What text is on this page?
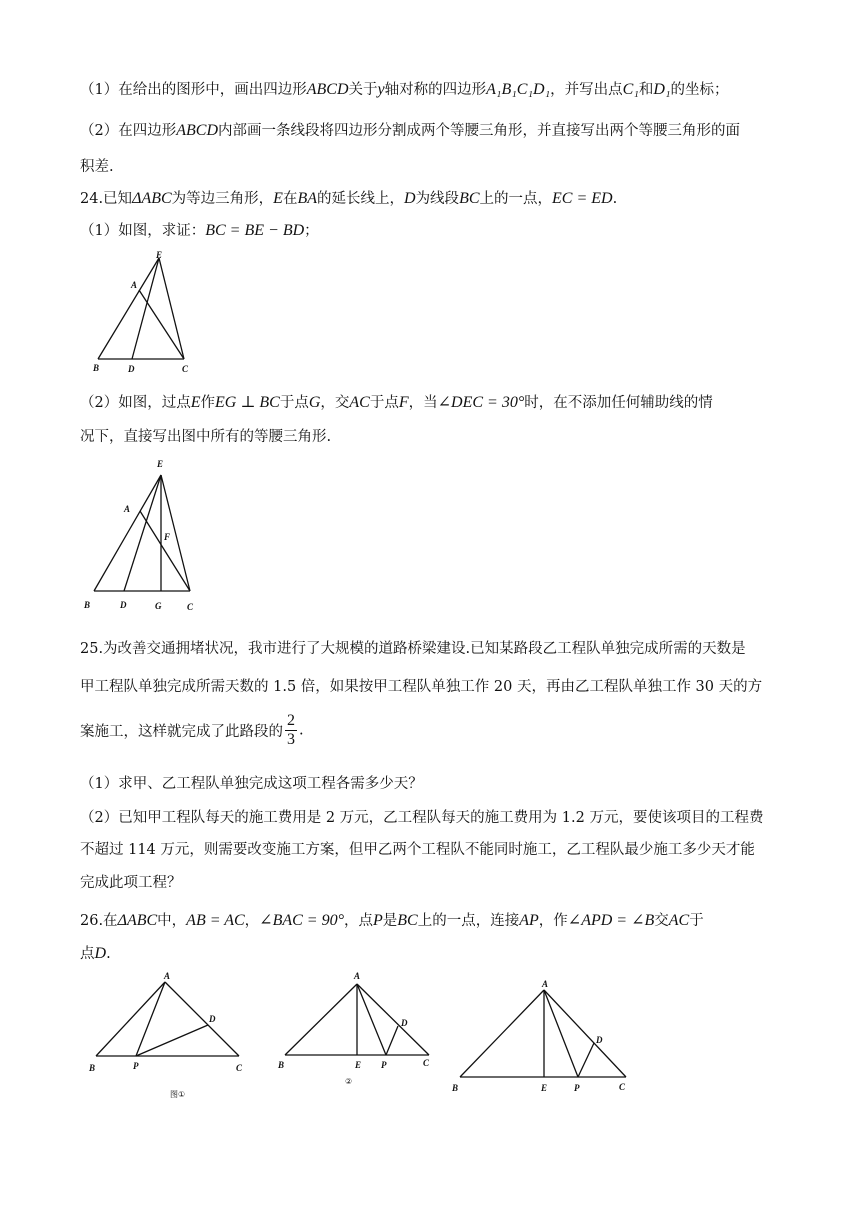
（1）在给出的图形中，画出四边形ABCD关于y轴对称的四边形A₁B₁C₁D₁，并写出点C₁和D₁的坐标；
（2）在四边形ABCD内部画一条线段将四边形分割成两个等腰三角形，并直接写出两个等腰三角形的面
积差.
24.已知ΔABC为等边三角形，E在BA的延长线上，D为线段BC上的一点，EC = ED.
（1）如图，求证：BC = BE − BD；
E
A
B	D	C
（2）如图，过点E作EG ⊥ BC于点G，交AC于点F，当∠DEC = 30°时，在不添加任何辅助线的情
况下，直接写出图中所有的等腰三角形.
E
A
F
B	D	G	C
25.为改善交通拥堵状况，我市进行了大规模的道路桥梁建设.已知某路段乙工程队单独完成所需的天数是
甲工程队单独完成所需天数的 1.5 倍，如果按甲工程队单独工作 20 天，再由乙工程队单独工作 30 天的方
案施工，这样就完成了此路段的 $\frac{2}{3}$ .
（1）求甲、乙工程队单独完成这项工程各需多少天？
（2）已知甲工程队每天的施工费用是 2 万元，乙工程队每天的施工费用为 1.2 万元，要使该项目的工程费
不超过 114 万元，则需要改变施工方案，但甲乙两个工程队不能同时施工，乙工程队最少施工多少天才能
完成此项工程？
26.在ΔABC中，AB = AC，∠BAC = 90°，点P是BC上的一点，连接AP，作∠APD = ∠B交AC于
点D.
A
D
B	P	C
图①
A
D
B	E P	C
②
A
D
B	E	P	C
